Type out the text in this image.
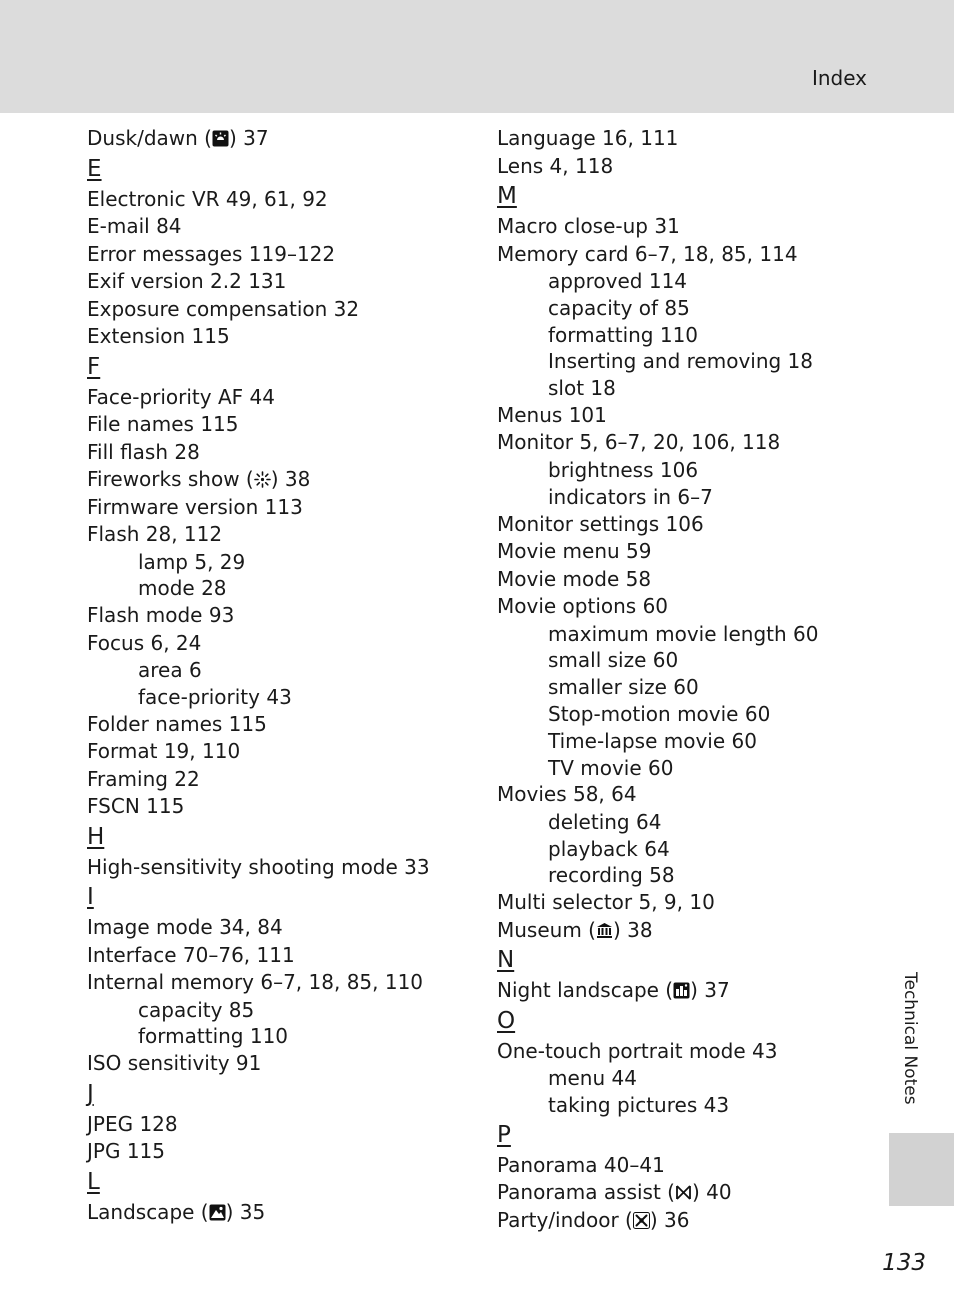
Index
Dusk/dawn ( ) 37
E
Electronic VR 49, 61, 92
E-mail 84
Error messages 119–122
Exif version 2.2 131
Exposure compensation 32
Extension 115
F
Face-priority AF 44
File names 115
Fill flash 28
Fireworks show ( ) 38
Firmware version 113
Flash 28, 112
lamp 5, 29
mode 28
Flash mode 93
Focus 6, 24
area 6
face-priority 43
Folder names 115
Format 19, 110
Framing 22
FSCN 115
H
High-sensitivity shooting mode 33
I
Image mode 34, 84
Interface 70–76, 111
Internal memory 6–7, 18, 85, 110
capacity 85
formatting 110
ISO sensitivity 91
J
JPEG 128
JPG 115
L
Landscape ( ) 35
Language 16, 111
Lens 4, 118
M
Macro close-up 31
Memory card 6–7, 18, 85, 114
approved 114
capacity of 85
formatting 110
Inserting and removing 18
slot 18
Menus 101
Monitor 5, 6–7, 20, 106, 118
brightness 106
indicators in 6–7
Monitor settings 106
Movie menu 59
Movie mode 58
Movie options 60
maximum movie length 60
small size 60
smaller size 60
Stop-motion movie 60
Time-lapse movie 60
TV movie 60
Movies 58, 64
deleting 64
playback 64
recording 58
Multi selector 5, 9, 10
Museum ( ) 38
N
Night landscape ( ) 37
O
One-touch portrait mode 43
menu 44
taking pictures 43
P
Panorama 40–41
Panorama assist ( ) 40
Party/indoor ( ) 36
Technical Notes
133
